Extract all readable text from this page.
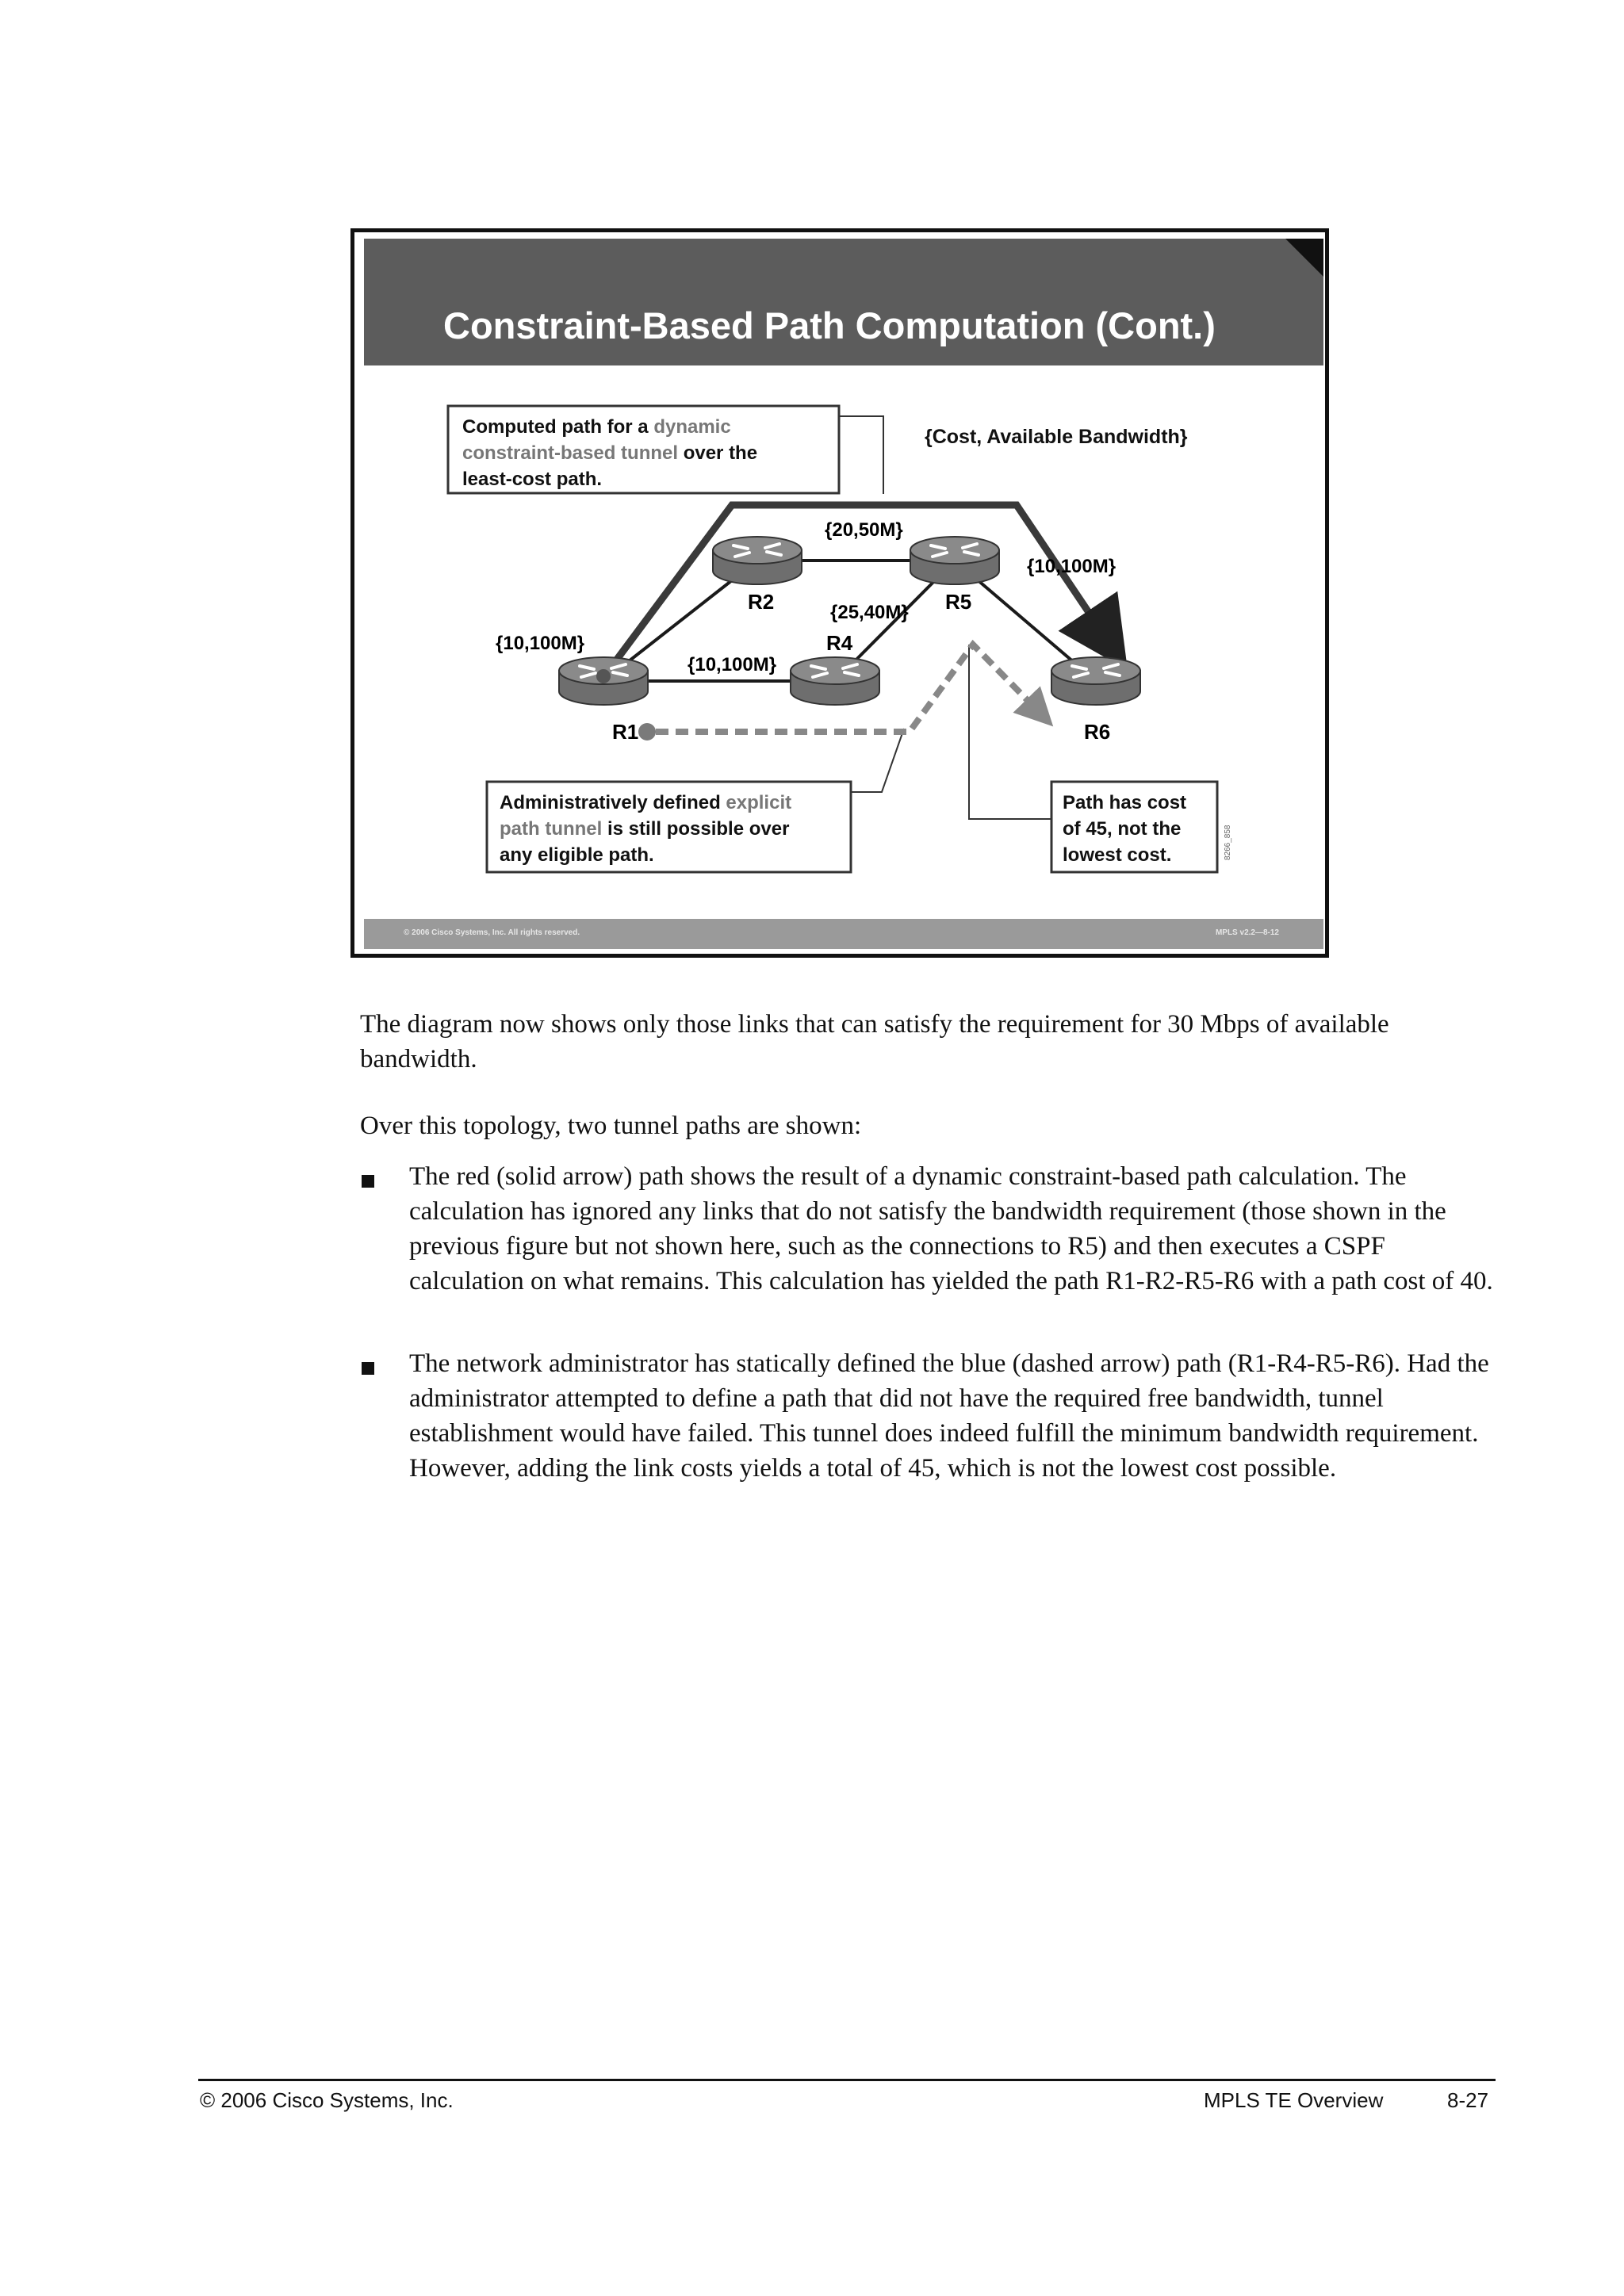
Constraint-Based Path Computation (Cont.)
Computed path for a dynamic constraint-based tunnel over the least-cost path.
Administratively defined explicit path tunnel is still possible over any eligible path.
Path has cost of 45, not the lowest cost.
{Cost, Available Bandwidth}
R2	R5
R4
R1	R6
{20,50M}
{10,100M}
{25,40M}
{10,100M}
{10,100M}
8266_858
© 2006 Cisco Systems, Inc. All rights reserved.	MPLS v2.2—8-12

The diagram now shows only those links that can satisfy the requirement for 30 Mbps of available bandwidth.

Over this topology, two tunnel paths are shown:

The red (solid arrow) path shows the result of a dynamic constraint-based path calculation. The calculation has ignored any links that do not satisfy the bandwidth requirement (those shown in the previous figure but not shown here, such as the connections to R5) and then executes a CSPF calculation on what remains. This calculation has yielded the path R1-R2-R5-R6 with a path cost of 40.

The network administrator has statically defined the blue (dashed arrow) path (R1-R4-R5-R6). Had the administrator attempted to define a path that did not have the required free bandwidth, tunnel establishment would have failed. This tunnel does indeed fulfill the minimum bandwidth requirement. However, adding the link costs yields a total of 45, which is not the lowest cost possible.

© 2006 Cisco Systems, Inc.	MPLS TE Overview	8-27
